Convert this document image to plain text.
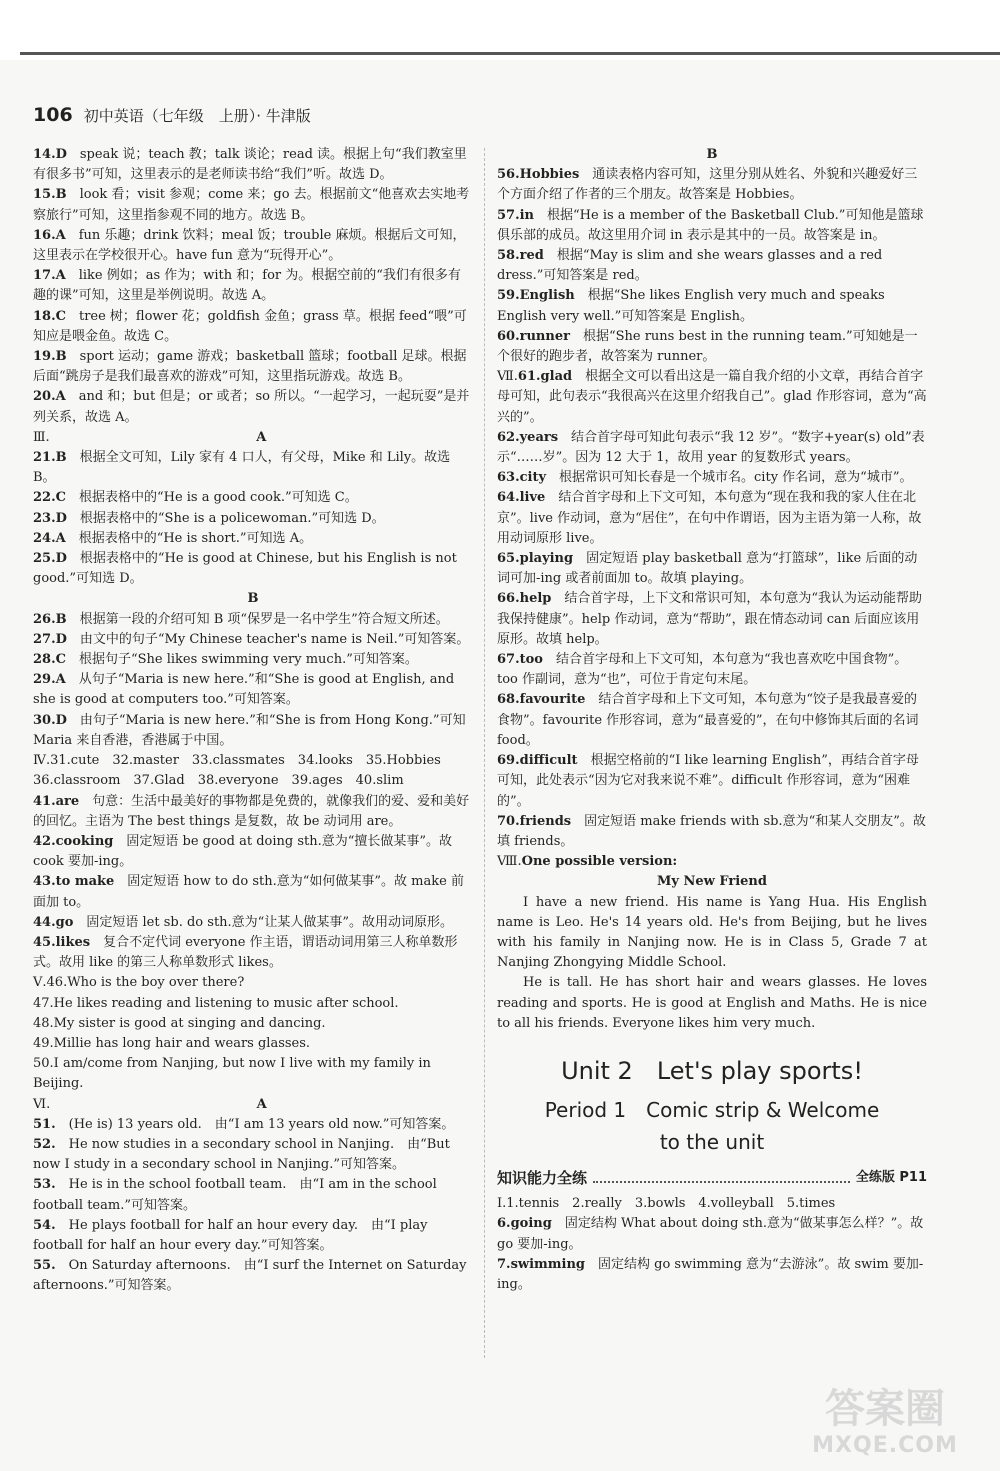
106 初中英语（七年级　上册）· 牛津版

14.D  speak 说；teach 教；talk 谈论；read 读。根据上句“我们教室里有很多书”可知，这里表示的是老师读书给“我们”听。故选 D。

15.B  look 看；visit 参观；come 来；go 去。根据前文“他喜欢去实地考察旅行”可知，这里指参观不同的地方。故选 B。

16.A  fun 乐趣；drink 饮料；meal 饭；trouble 麻烦。根据后文可知，这里表示在学校很开心。have fun 意为“玩得开心”。

17.A  like 例如；as 作为；with 和；for 为。根据空前的“我们有很多有趣的课”可知，这里是举例说明。故选 A。

18.C  tree 树；flower 花；goldfish 金鱼；grass 草。根据 feed“喂”可知应是喂金鱼。故选 C。

19.B  sport 运动；game 游戏；basketball 篮球；football 足球。根据后面“跳房子是我们最喜欢的游戏”可知，这里指玩游戏。故选 B。

20.A  and 和；but 但是；or 或者；so 所以。“一起学习，一起玩耍”是并列关系，故选 A。

Ⅲ.	A

21.B  根据全文可知，Lily 家有 4 口人，有父母，Mike 和 Lily。故选 B。

22.C  根据表格中的“He is a good cook.”可知选 C。

23.D  根据表格中的“She is a policewoman.”可知选 D。

24.A  根据表格中的“He is short.”可知选 A。

25.D  根据表格中的“He is good at Chinese, but his English is not good.”可知选 D。

B

26.B  根据第一段的介绍可知 B 项“保罗是一名中学生”符合短文所述。

27.D  由文中的句子“My Chinese teacher's name is Neil.”可知答案。

28.C  根据句子“She likes swimming very much.”可知答案。

29.A  从句子“Maria is new here.”和“She is good at English, and she is good at computers too.”可知答案。

30.D  由句子“Maria is new here.”和“She is from Hong Kong.”可知 Maria 来自香港，香港属于中国。

Ⅳ.31.cute　32.master　33.classmates　34.looks　35.Hobbies

36.classroom　37.Glad　38.everyone　39.ages　40.slim

41.are  句意：生活中最美好的事物都是免费的，就像我们的爱、爱和美好的回忆。主语为 The best things 是复数，故 be 动词用 are。

42.cooking  固定短语 be good at doing sth.意为“擅长做某事”。故 cook 要加-ing。

43.to make  固定短语 how to do sth.意为“如何做某事”。故 make 前面加 to。

44.go  固定短语 let sb. do sth.意为“让某人做某事”。故用动词原形。

45.likes  复合不定代词 everyone 作主语，谓语动词用第三人称单数形式。故用 like 的第三人称单数形式 likes。

Ⅴ.46.Who is the boy over there?

47.He likes reading and listening to music after school.

48.My sister is good at singing and dancing.

49.Millie has long hair and wears glasses.

50.I am/come from Nanjing, but now I live with my family in Beijing.

Ⅵ.	A

51.  (He is) 13 years old.　由“I am 13 years old now.”可知答案。

52.  He now studies in a secondary school in Nanjing.　由“But now I study in a secondary school in Nanjing.”可知答案。

53.  He is in the school football team.　由“I am in the school football team.”可知答案。

54.  He plays football for half an hour every day.　由“I play football for half an hour every day.”可知答案。

55.  On Saturday afternoons.　由“I surf the Internet on Saturday afternoons.”可知答案。

B

56.Hobbies  通读表格内容可知，这里分别从姓名、外貌和兴趣爱好三个方面介绍了作者的三个朋友。故答案是 Hobbies。

57.in  根据“He is a member of the Basketball Club.”可知他是篮球俱乐部的成员。故这里用介词 in 表示是其中的一员。故答案是 in。

58.red  根据“May is slim and she wears glasses and a red dress.”可知答案是 red。

59.English  根据“She likes English very much and speaks English very well.”可知答案是 English。

60.runner  根据“She runs best in the running team.”可知她是一个很好的跑步者，故答案为 runner。

Ⅶ.61.glad  根据全文可以看出这是一篇自我介绍的小文章，再结合首字母可知，此句表示“我很高兴在这里介绍我自己”。glad 作形容词，意为“高兴的”。

62.years  结合首字母可知此句表示“我 12 岁”。“数字+year(s) old”表示“……岁”。因为 12 大于 1，故用 year 的复数形式 years。

63.city  根据常识可知长春是一个城市名。city 作名词，意为“城市”。

64.live  结合首字母和上下文可知，本句意为“现在我和我的家人住在北京”。live 作动词，意为“居住”，在句中作谓语，因为主语为第一人称，故用动词原形 live。

65.playing  固定短语 play basketball 意为“打篮球”，like 后面的动词可加-ing 或者前面加 to。故填 playing。

66.help  结合首字母，上下文和常识可知，本句意为“我认为运动能帮助我保持健康”。help 作动词，意为“帮助”，跟在情态动词 can 后面应该用原形。故填 help。

67.too  结合首字母和上下文可知，本句意为“我也喜欢吃中国食物”。too 作副词，意为“也”，可位于肯定句末尾。

68.favourite  结合首字母和上下文可知，本句意为“饺子是我最喜爱的食物”。favourite 作形容词，意为“最喜爱的”，在句中修饰其后面的名词 food。

69.difficult  根据空格前的“I like learning English”，再结合首字母可知，此处表示“因为它对我来说不难”。difficult 作形容词，意为“困难的”。

70.friends  固定短语 make friends with sb.意为“和某人交朋友”。故填 friends。

Ⅷ.One possible version: 

My New Friend

I have a new friend. His name is Yang Hua. His English name is Leo. He's 14 years old. He's from Beijing, but he lives with his family in Nanjing now. He is in Class 5, Grade 7 at Nanjing Zhongying Middle School.

He is tall. He has short hair and wears glasses. He loves reading and sports. He is good at English and Maths. He is nice to all his friends. Everyone likes him very much.

Unit 2　Let's play sports!

Period 1　Comic strip & Welcome

to the unit

知识能力全练	全练版 P11

Ⅰ.1.tennis　2.really　3.bowls　4.volleyball　5.times

6.going  固定结构 What about doing sth.意为“做某事怎么样？”。故 go 要加-ing。

7.swimming  固定结构 go swimming 意为“去游泳”。故 swim 要加-ing。

答案圈
MXQE.COM
